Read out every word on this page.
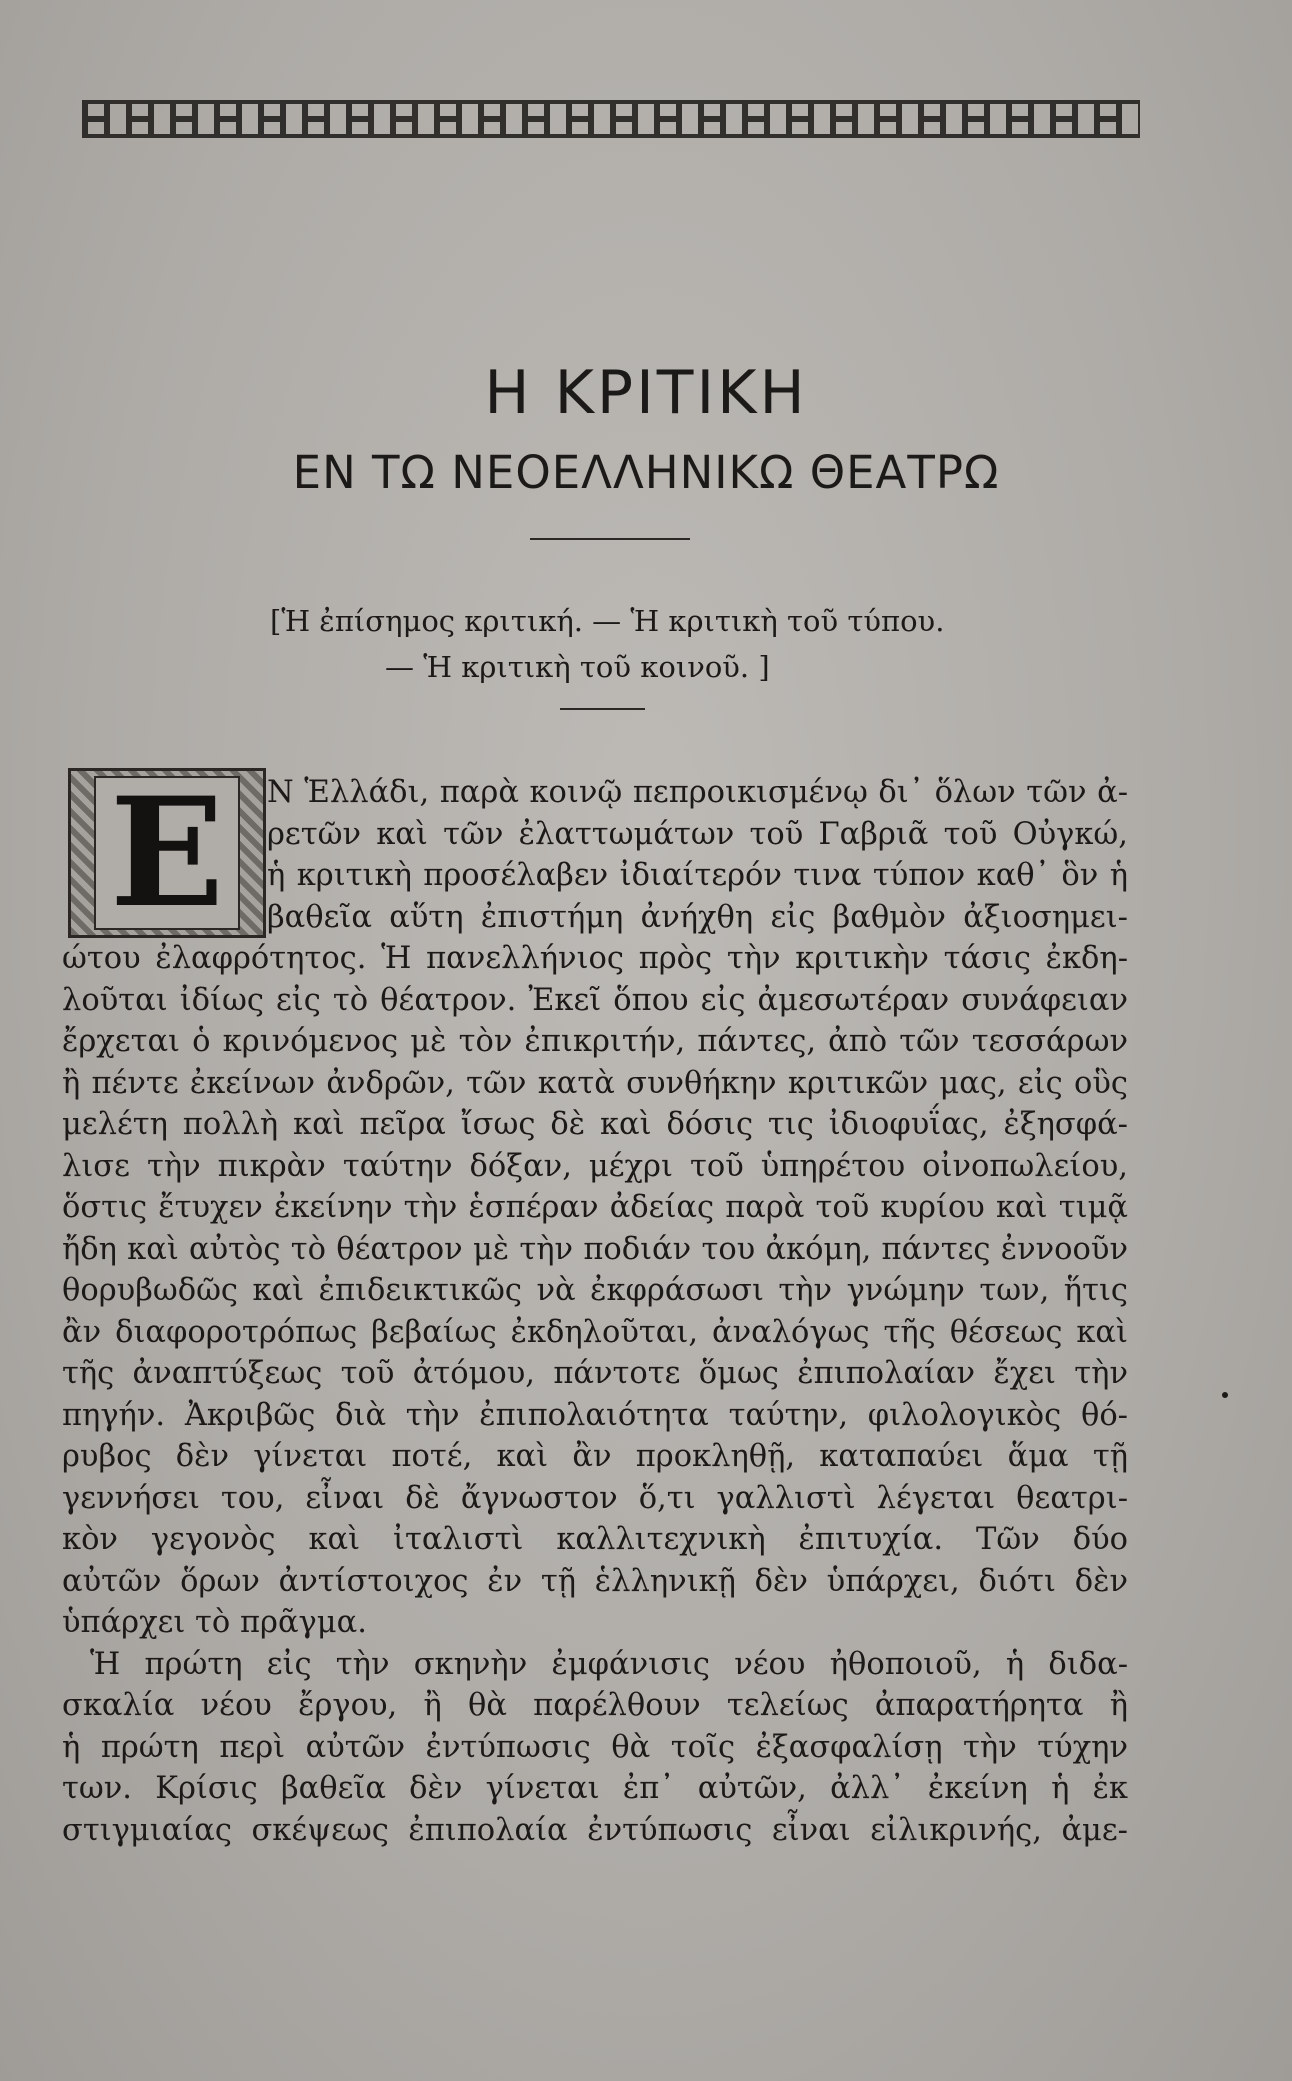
Η ΚΡΙΤΙΚΗ
ΕΝ ΤΩ ΝΕΟΕΛΛΗΝΙΚΩ ΘΕΑΤΡΩ

[Ἡ ἐπίσημος κριτική. — Ἡ κριτικὴ τοῦ τύπου.
— Ἡ κριτικὴ τοῦ κοινοῦ. ]

Ε	Ν Ἑλλάδι, παρὰ κοινῷ πεπροικισμένῳ δι᾽ ὅλων τῶν ἀ-
ρετῶν καὶ τῶν ἐλαττωμάτων τοῦ Γαβριᾶ τοῦ Οὐγκώ,
ἡ κριτικὴ προσέλαβεν ἰδιαίτερόν τινα τύπον καθ᾽ ὃν ἡ
βαθεῖα αὕτη ἐπιστήμη ἀνήχθη εἰς βαθμὸν ἀξιοσημει-
ώτου ἐλαφρότητος. Ἡ πανελλήνιος πρὸς τὴν κριτικὴν τάσις ἐκδη-
λοῦται ἰδίως εἰς τὸ θέατρον. Ἐκεῖ ὅπου εἰς ἀμεσωτέραν συνάφειαν
ἔρχεται ὁ κρινόμενος μὲ τὸν ἐπικριτήν, πάντες, ἀπὸ τῶν τεσσάρων
ἢ πέντε ἐκείνων ἀνδρῶν, τῶν κατὰ συνθήκην κριτικῶν μας, εἰς οὓς
μελέτη πολλὴ καὶ πεῖρα ἴσως δὲ καὶ δόσις τις ἰδιοφυΐας, ἐξησφά-
λισε τὴν πικρὰν ταύτην δόξαν, μέχρι τοῦ ὑπηρέτου οἰνοπωλείου,
ὅστις ἔτυχεν ἐκείνην τὴν ἑσπέραν ἀδείας παρὰ τοῦ κυρίου καὶ τιμᾷ
ἤδη καὶ αὐτὸς τὸ θέατρον μὲ τὴν ποδιάν του ἀκόμη, πάντες ἐννοοῦν
θορυβωδῶς καὶ ἐπιδεικτικῶς νὰ ἐκφράσωσι τὴν γνώμην των, ἥτις
ἂν διαφοροτρόπως βεβαίως ἐκδηλοῦται, ἀναλόγως τῆς θέσεως καὶ
τῆς ἀναπτύξεως τοῦ ἀτόμου, πάντοτε ὅμως ἐπιπολαίαν ἔχει τὴν
πηγήν. Ἀκριβῶς διὰ τὴν ἐπιπολαιότητα ταύτην, φιλολογικὸς θό-
ρυβος δὲν γίνεται ποτέ, καὶ ἂν προκληθῇ, καταπαύει ἅμα τῇ
γεννήσει του, εἶναι δὲ ἄγνωστον ὅ,τι γαλλιστὶ λέγεται θεατρι-
κὸν γεγονὸς καὶ ἰταλιστὶ καλλιτεχνικὴ ἐπιτυχία. Τῶν δύο
αὐτῶν ὅρων ἀντίστοιχος ἐν τῇ ἑλληνικῇ δὲν ὑπάρχει, διότι δὲν
ὑπάρχει τὸ πρᾶγμα.
Ἡ πρώτη εἰς τὴν σκηνὴν ἐμφάνισις νέου ἠθοποιοῦ, ἡ διδα-
σκαλία νέου ἔργου, ἢ θὰ παρέλθουν τελείως ἀπαρατήρητα ἢ
ἡ πρώτη περὶ αὐτῶν ἐντύπωσις θὰ τοῖς ἐξασφαλίσῃ τὴν τύχην
των. Κρίσις βαθεῖα δὲν γίνεται ἐπ᾽ αὐτῶν, ἀλλ᾽ ἐκείνη ἡ ἐκ
στιγμιαίας σκέψεως ἐπιπολαία ἐντύπωσις εἶναι εἰλικρινής, ἀμε-
